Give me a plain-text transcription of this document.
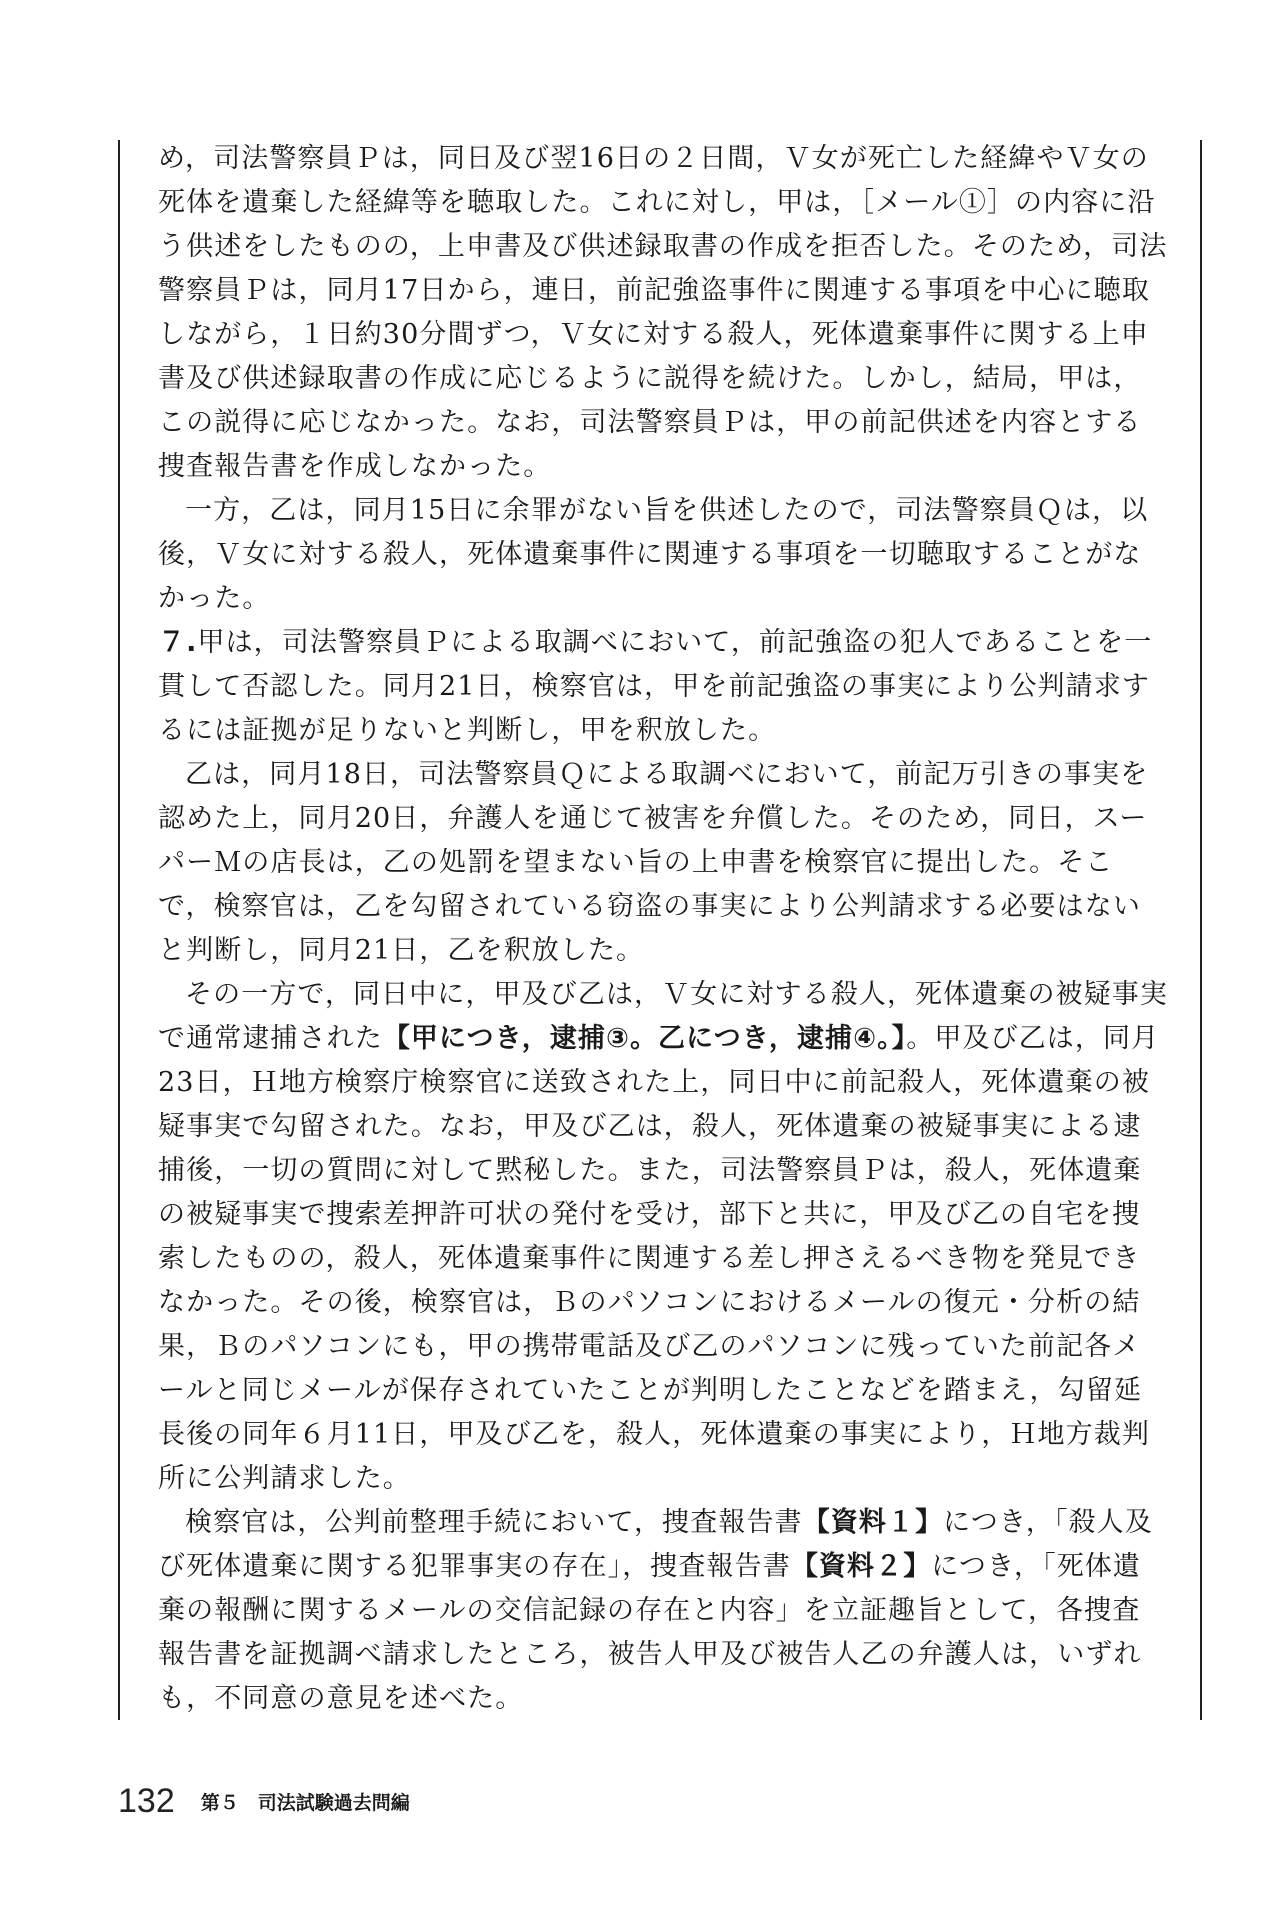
め，司法警察員Ｐは，同日及び翌16日の２日間，Ｖ女が死亡した経緯やＶ女の死体を遺棄した経緯等を聴取した。これに対し，甲は，［メール①］の内容に沿う供述をしたものの，上申書及び供述録取書の作成を拒否した。そのため，司法警察員Ｐは，同月17日から，連日，前記強盗事件に関連する事項を中心に聴取しながら，１日約30分間ずつ，Ｖ女に対する殺人，死体遺棄事件に関する上申書及び供述録取書の作成に応じるように説得を続けた。しかし，結局，甲は，この説得に応じなかった。なお，司法警察員Ｐは，甲の前記供述を内容とする捜査報告書を作成しなかった。

一方，乙は，同月15日に余罪がない旨を供述したので，司法警察員Ｑは，以後，Ｖ女に対する殺人，死体遺棄事件に関連する事項を一切聴取することがなかった。

７.甲は，司法警察員Ｐによる取調べにおいて，前記強盗の犯人であることを一貫して否認した。同月21日，検察官は，甲を前記強盗の事実により公判請求するには証拠が足りないと判断し，甲を釈放した。

乙は，同月18日，司法警察員Ｑによる取調べにおいて，前記万引きの事実を認めた上，同月20日，弁護人を通じて被害を弁償した。そのため，同日，スーパーＭの店長は，乙の処罰を望まない旨の上申書を検察官に提出した。そこで，検察官は，乙を勾留されている窃盗の事実により公判請求する必要はないと判断し，同月21日，乙を釈放した。

その一方で，同日中に，甲及び乙は，Ｖ女に対する殺人，死体遺棄の被疑事実で通常逮捕された【甲につき，逮捕③。乙につき，逮捕④。】。甲及び乙は，同月23日，Ｈ地方検察庁検察官に送致された上，同日中に前記殺人，死体遺棄の被疑事実で勾留された。なお，甲及び乙は，殺人，死体遺棄の被疑事実による逮捕後，一切の質問に対して黙秘した。また，司法警察員Ｐは，殺人，死体遺棄の被疑事実で捜索差押許可状の発付を受け，部下と共に，甲及び乙の自宅を捜索したものの，殺人，死体遺棄事件に関連する差し押さえるべき物を発見できなかった。その後，検察官は，Ｂのパソコンにおけるメールの復元・分析の結果，Ｂのパソコンにも，甲の携帯電話及び乙のパソコンに残っていた前記各メールと同じメールが保存されていたことが判明したことなどを踏まえ，勾留延長後の同年６月11日，甲及び乙を，殺人，死体遺棄の事実により，Ｈ地方裁判所に公判請求した。

検察官は，公判前整理手続において，捜査報告書【資料１】につき，「殺人及び死体遺棄に関する犯罪事実の存在」，捜査報告書【資料２】につき，「死体遺棄の報酬に関するメールの交信記録の存在と内容」を立証趣旨として，各捜査報告書を証拠調べ請求したところ，被告人甲及び被告人乙の弁護人は，いずれも，不同意の意見を述べた。

132 第５　司法試験過去問編
